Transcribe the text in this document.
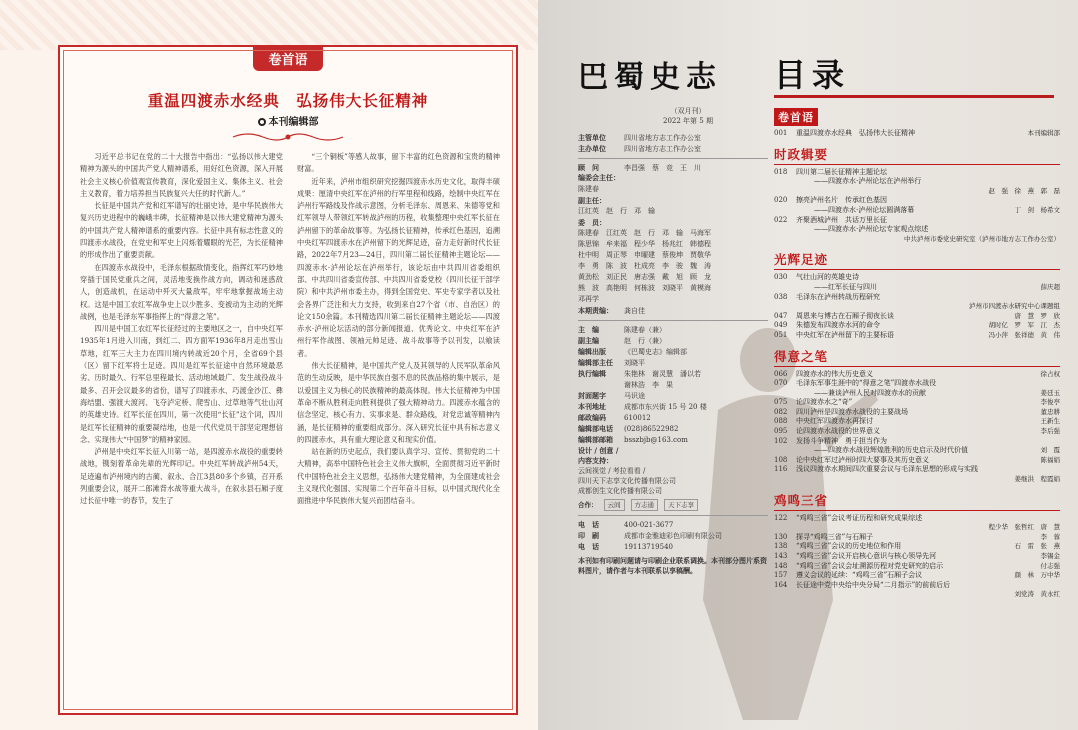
卷首语
重温四渡赤水经典　弘扬伟大长征精神
本刊编辑部

习近平总书记在党的二十大报告中指出：“弘扬以伟大建党精神为源头的中国共产党人精神谱系，用好红色资源，深入开展社会主义核心价值观宣传教育，深化爱国主义、集体主义、社会主义教育，着力培养担当民族复兴大任的时代新人。”

长征是中国共产党和红军谱写的壮丽史诗，是中华民族伟大复兴历史进程中的巍峨丰碑，长征精神是以伟大建党精神为源头的中国共产党人精神谱系的重要内容。长征中具有标志性意义的四渡赤水战役，在党史和军史上闪烁着耀眼的光芒，为长征精神的形成作出了重要贡献。

在四渡赤水战役中，毛泽东根据敌情变化，指挥红军巧妙地穿插于国民党重兵之间，灵活地变换作战方向，调动和迷惑敌人，创造战机，在运动中歼灭大量敌军，牢牢地掌握战场主动权。这是中国工农红军战争史上以少胜多、变被动为主动的光辉战例，也是毛泽东军事指挥上的“得意之笔”。

四川是中国工农红军长征经过的主要地区之一，自中央红军1935年1月进入川南，到红二、四方面军1936年8月走出雪山草地，红军三大主力在四川境内转战近20个月，全省69个县（区）留下红军将士足迹。四川是红军长征途中自然环境最恶劣、历时最久、行军总里程最长、活动地域最广、发生战役战斗最多、召开会议最多的省份，谱写了四渡赤水、巧渡金沙江、彝海结盟、强渡大渡河、飞夺泸定桥、爬雪山、过草地等气壮山河的英雄史诗。红军长征在四川，第一次使用“长征”这个词，四川是红军长征精神的重要凝结地，也是一代代党员干部坚定理想信念、实现伟大“中国梦”的精神家园。

泸州是中央红军长征入川第一站，是四渡赤水战役的重要转战地，镌刻着革命先辈的光辉印记。中央红军转战泸州54天，足迹遍布泸州境内的古蔺、叙永、合江3县80多个乡镇，召开系列重要会议，展开二郎滩背水战等重大战斗，在叙永县石厢子度过长征中唯一的春节，发生了

“三个铜板”等感人故事，留下丰富的红色资源和宝贵的精神财富。

近年来，泸州市组织研究挖掘四渡赤水历史文化，取得丰硕成果：厘清中央红军在泸州的行军里程和线路，绘制中央红军在泸州行军路线及作战示意图，分析毛泽东、周恩来、朱德等党和红军领导人带领红军转战泸州的历程，收集整理中央红军长征在泸州留下的革命故事等。为弘扬长征精神，传承红色基因，追溯中央红军四渡赤水在泸州留下的光辉足迹，奋力走好新时代长征路，2022年7月23—24日，四川第二届长征精神主题论坛——四渡赤水·泸州论坛在泸州举行，该论坛由中共四川省委组织部、中共四川省委宣传部、中共四川省委党校（四川长征干部学院）和中共泸州市委主办，得到全国党史、军史专家学者以及社会各界广泛注和大力支持，收到来自27个省（市、自治区）的论文150余篇。本刊精选四川第二届长征精神主题论坛——四渡赤水·泸州论坛活动的部分新闻报道、优秀论文、中央红军在泸州行军作战图、领袖元帅足迹、战斗故事等予以刊发，以飨读者。

伟大长征精神，是中国共产党人及其领导的人民军队革命风范的生动反映，是中华民族自强不息的民族品格的集中展示，是以爱国主义为核心的民族精神的最高体现。伟大长征精神为中国革命不断从胜利走向胜利提供了强大精神动力。四渡赤水蕴含的信念坚定、核心有力、实事求是、群众路线，对党忠诚等精神内涵，是长征精神的重要组成部分。深入研究长征中具有标志意义的四渡赤水，具有重大理论意义和现实价值。

站在新的历史起点，我们要认真学习、宣传、贯彻党的二十大精神，高举中国特色社会主义伟大旗帜，全面贯彻习近平新时代中国特色社会主义思想，弘扬伟大建党精神，为全面建成社会主义现代化强国、实现第二个百年奋斗目标，以中国式现代化全面推进中华民族伟大复兴而团结奋斗。

巴蜀史志 目录
（双月刊）
2022 年第 5 期
主管单位	四川省地方志工作办公室
主办单位	四川省地方志工作办公室
顾　问	李昌强　蔡　竞　王　川
编委会主任：
陈建春
副主任：
江红英	赵　行	邓　输
委　员：
陈建春	江红英	赵　行	邓　输	马海军
陈思锦	牟来福	程少华	杨兆红	韩德程
杜中明	周正琴	申曜建	蔡俊坤	贾敬华
李　勇	陈　波	杜成亮	李　骏	魏　涛
黄劲松	刘正民	唐志强	戴　旭	顾　龙
熊　波	高艳明	何栋波	刘晓平	黄模海
邓再学
本期责编：	龚自佳
主　编	陈建春（兼）
副主编	赵　行（兼）
编辑出版	《巴蜀史志》编辑部
编辑部主任	刘晓平
执行编辑	朱艳林　谢灵慧　潘以若
谢林浩　李　果
封面题字	马识途
本刊地址	成都市东兴街 15 号 20 楼
邮政编码	610012
编辑部电话	(028)86522982
编辑部邮箱	bsszbjb@163.com
设计 / 创意 / 内容支持：
云间视觉 / 考拉看看 /
四川天下志享文化传播有限公司
成都创生文化传播有限公司
合作：	云间	方志通	天下志享
电　话	400-021-3677
印　刷	成都市金雅迪彩色印刷有限公司
电　话	19113719540
本刊如有印刷问题请与印刷企业联系调换。本刊部分图片系资料图片，请作者与本刊联系以享稿酬。
卷首语
001	重温四渡赤水经典　弘扬伟大长征精神	本刊编辑部
时政辑要
018	四川第二届长征精神主题论坛
——四渡赤水·泸州论坛在泸州举行
赵　强　徐　燕　郭　磊
020	擦亮泸州名片　传承红色基因
——四渡赤水·泸州论坛圆满落幕	丁　剑　杨希文
022	齐聚酒城泸州　共话万里长征
——四渡赤水·泸州论坛专家观点综述
中共泸州市委党史研究室（泸州市地方志工作办公室）
光辉足迹
030	气壮山河的英雄史诗
——红军长征与四川	薛庆超
038	毛泽东在泸州转战历程研究
泸州市四渡赤水研究中心课题组
047	周恩来与博古在石厢子彻夜长谈	唐　慧　罗　欣
049	朱德发布四渡赤水河的命令	胡时亿　罗　军　江　杰
051	中央红军在泸州留下的主要标语	冯小萍　张祥德　黄　伟
得意之笔
066	四渡赤水的伟大历史意义	徐占权
070	毛泽东军事生涯中的“得意之笔”四渡赤水战役
——兼谈泸州人民对四渡赤水的贡献	姜廷玉
075	论四渡赤水之“奇”	李俊亭
082	四川泸州是四渡赤水战役的主要战场	董忠耕
088	中央红军四渡赤水再探讨	王新生
095	论四渡赤水战役的世界意义	李后强
102	发扬斗争精神　勇于担当作为
——四渡赤水战役辉煌胜利的历史启示及时代价值	刘　霞
108	论中央红军过泸州时四大要事及其历史意义	陈福娟
116	浅议四渡赤水期间四次重要会议与毛泽东思想的形成与实践
姜继洪　程霞娟
鸡鸣三省
122	“鸡鸣三省”会议考证历程和研究成果综述
程少华　张哲红　唐　慧
130	探寻“鸡鸣三省”与石厢子	李　蓉
138	“鸡鸣三省”会议的历史地位和作用	石　雷　张　燕
143	“鸡鸣三省”会议开启核心意识与核心领导先河	李锡金
148	“鸡鸣三省”会议会址溯源历程对党史研究的启示	付志强
157	遵义会议的延续：“鸡鸣三省”石厢子会议	颜　林　万中华
164	长征途中党中央给中央分局“二月指示”的前前后后
刘党涛　黄永红
